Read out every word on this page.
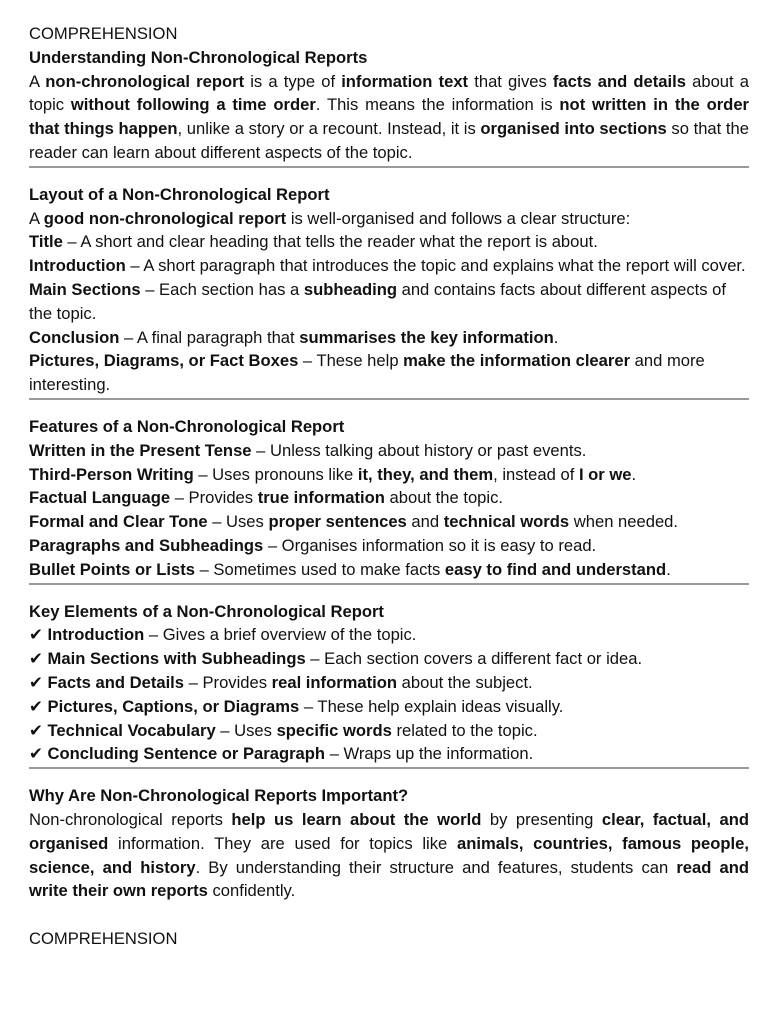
COMPREHENSION

Understanding Non-Chronological Reports

A non-chronological report is a type of information text that gives facts and details about a topic without following a time order. This means the information is not written in the order that things happen, unlike a story or a recount. Instead, it is organised into sections so that the reader can learn about different aspects of the topic.

Layout of a Non-Chronological Report

A good non-chronological report is well-organised and follows a clear structure:

Title – A short and clear heading that tells the reader what the report is about.

Introduction – A short paragraph that introduces the topic and explains what the report will cover.

Main Sections – Each section has a subheading and contains facts about different aspects of the topic.

Conclusion – A final paragraph that summarises the key information.

Pictures, Diagrams, or Fact Boxes – These help make the information clearer and more interesting.

Features of a Non-Chronological Report

Written in the Present Tense – Unless talking about history or past events.

Third-Person Writing – Uses pronouns like it, they, and them, instead of I or we.

Factual Language – Provides true information about the topic.

Formal and Clear Tone – Uses proper sentences and technical words when needed.

Paragraphs and Subheadings – Organises information so it is easy to read.

Bullet Points or Lists – Sometimes used to make facts easy to find and understand.

Key Elements of a Non-Chronological Report

✔ Introduction – Gives a brief overview of the topic.

✔ Main Sections with Subheadings – Each section covers a different fact or idea.

✔ Facts and Details – Provides real information about the subject.

✔ Pictures, Captions, or Diagrams – These help explain ideas visually.

✔ Technical Vocabulary – Uses specific words related to the topic.

✔ Concluding Sentence or Paragraph – Wraps up the information.

Why Are Non-Chronological Reports Important?

Non-chronological reports help us learn about the world by presenting clear, factual, and organised information. They are used for topics like animals, countries, famous people, science, and history. By understanding their structure and features, students can read and write their own reports confidently.

COMPREHENSION
